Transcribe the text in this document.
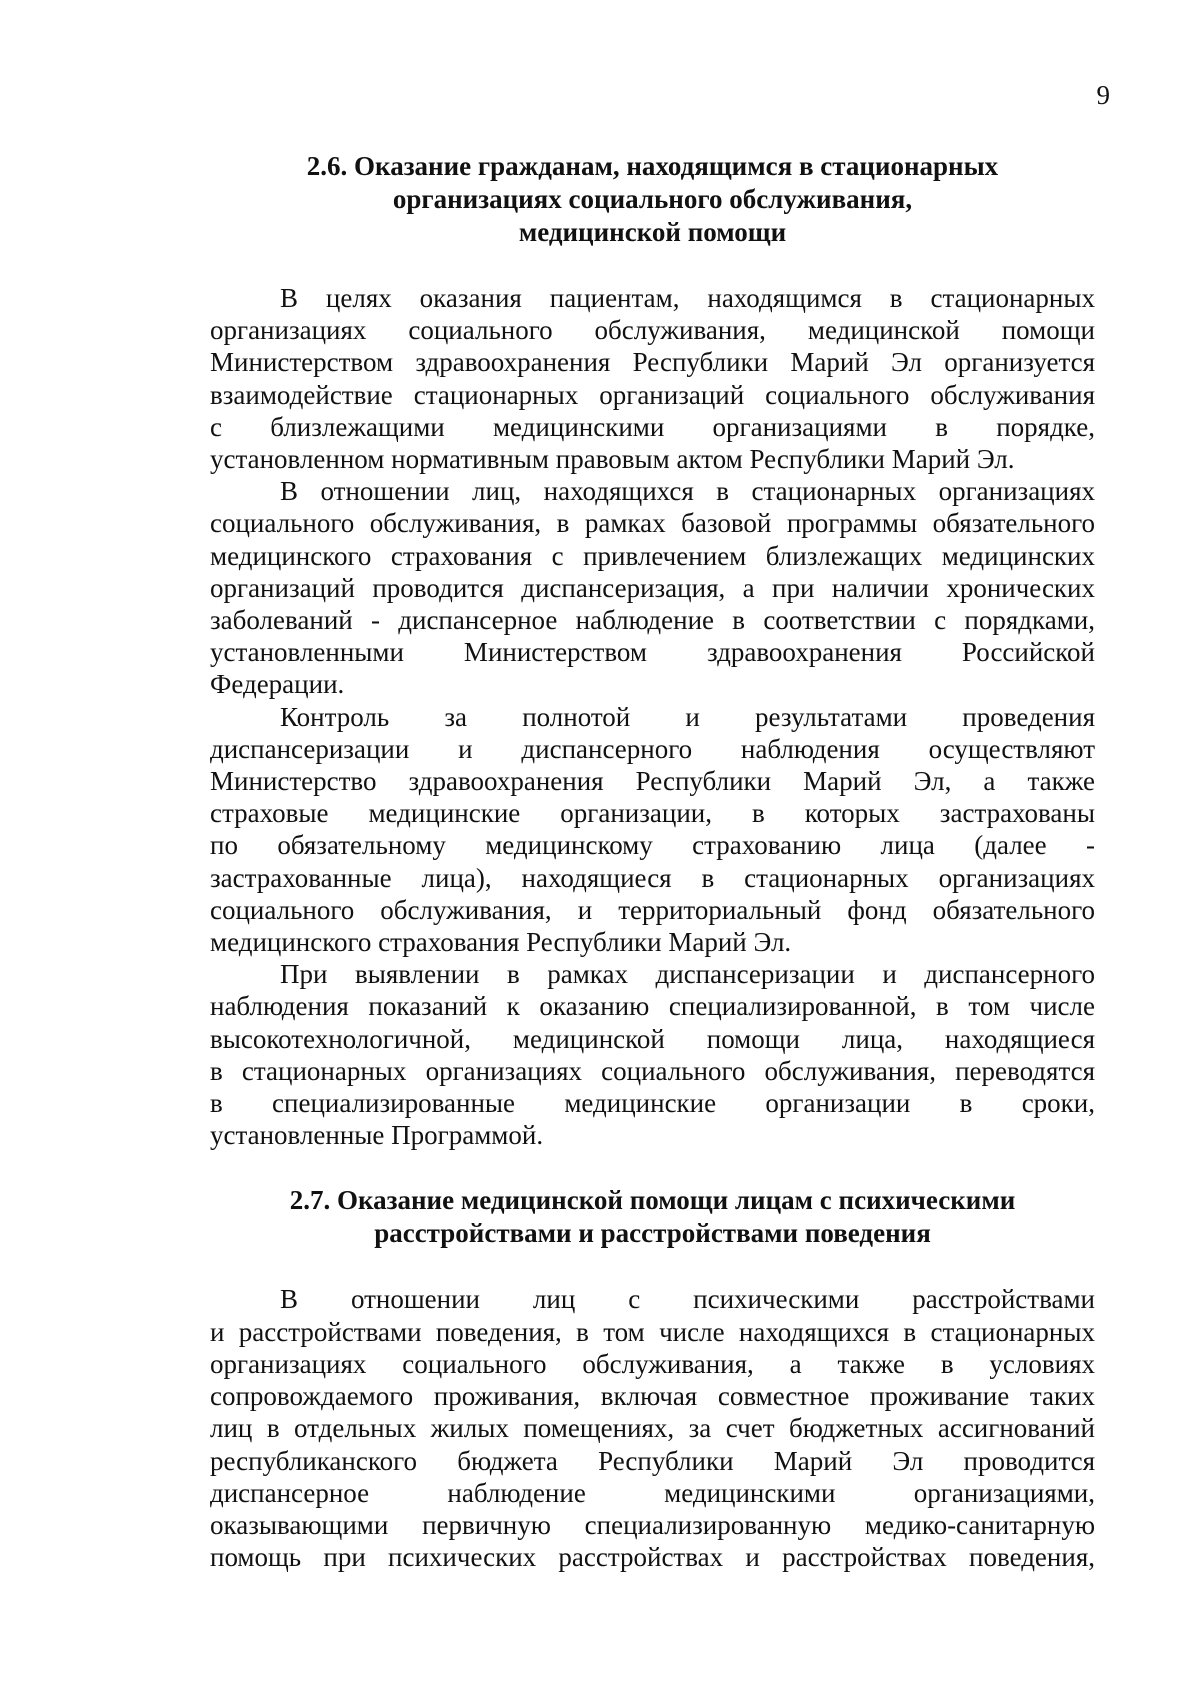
9
2.6. Оказание гражданам, находящимся в стационарных
организациях социального обслуживания,
медицинской помощи

В целях оказания пациентам, находящимся в стационарных
организациях социального обслуживания, медицинской помощи
Министерством здравоохранения Республики Марий Эл организуется
взаимодействие стационарных организаций социального обслуживания
с близлежащими медицинскими организациями в порядке,
установленном нормативным правовым актом Республики Марий Эл.

В отношении лиц, находящихся в стационарных организациях
социального обслуживания, в рамках базовой программы обязательного
медицинского страхования с привлечением близлежащих медицинских
организаций проводится диспансеризация, а при наличии хронических
заболеваний - диспансерное наблюдение в соответствии с порядками,
установленными Министерством здравоохранения Российской
Федерации.

Контроль за полнотой и результатами проведения
диспансеризации и диспансерного наблюдения осуществляют
Министерство здравоохранения Республики Марий Эл, а также
страховые медицинские организации, в которых застрахованы
по обязательному медицинскому страхованию лица (далее -
застрахованные лица), находящиеся в стационарных организациях
социального обслуживания, и территориальный фонд обязательного
медицинского страхования Республики Марий Эл.

При выявлении в рамках диспансеризации и диспансерного
наблюдения показаний к оказанию специализированной, в том числе
высокотехнологичной, медицинской помощи лица, находящиеся
в стационарных организациях социального обслуживания, переводятся
в специализированные медицинские организации в сроки,
установленные Программой.

2.7. Оказание медицинской помощи лицам с психическими
расстройствами и расстройствами поведения

В отношении лиц с психическими расстройствами
и расстройствами поведения, в том числе находящихся в стационарных
организациях социального обслуживания, а также в условиях
сопровождаемого проживания, включая совместное проживание таких
лиц в отдельных жилых помещениях, за счет бюджетных ассигнований
республиканского бюджета Республики Марий Эл проводится
диспансерное наблюдение медицинскими организациями,
оказывающими первичную специализированную медико-санитарную
помощь при психических расстройствах и расстройствах поведения,
